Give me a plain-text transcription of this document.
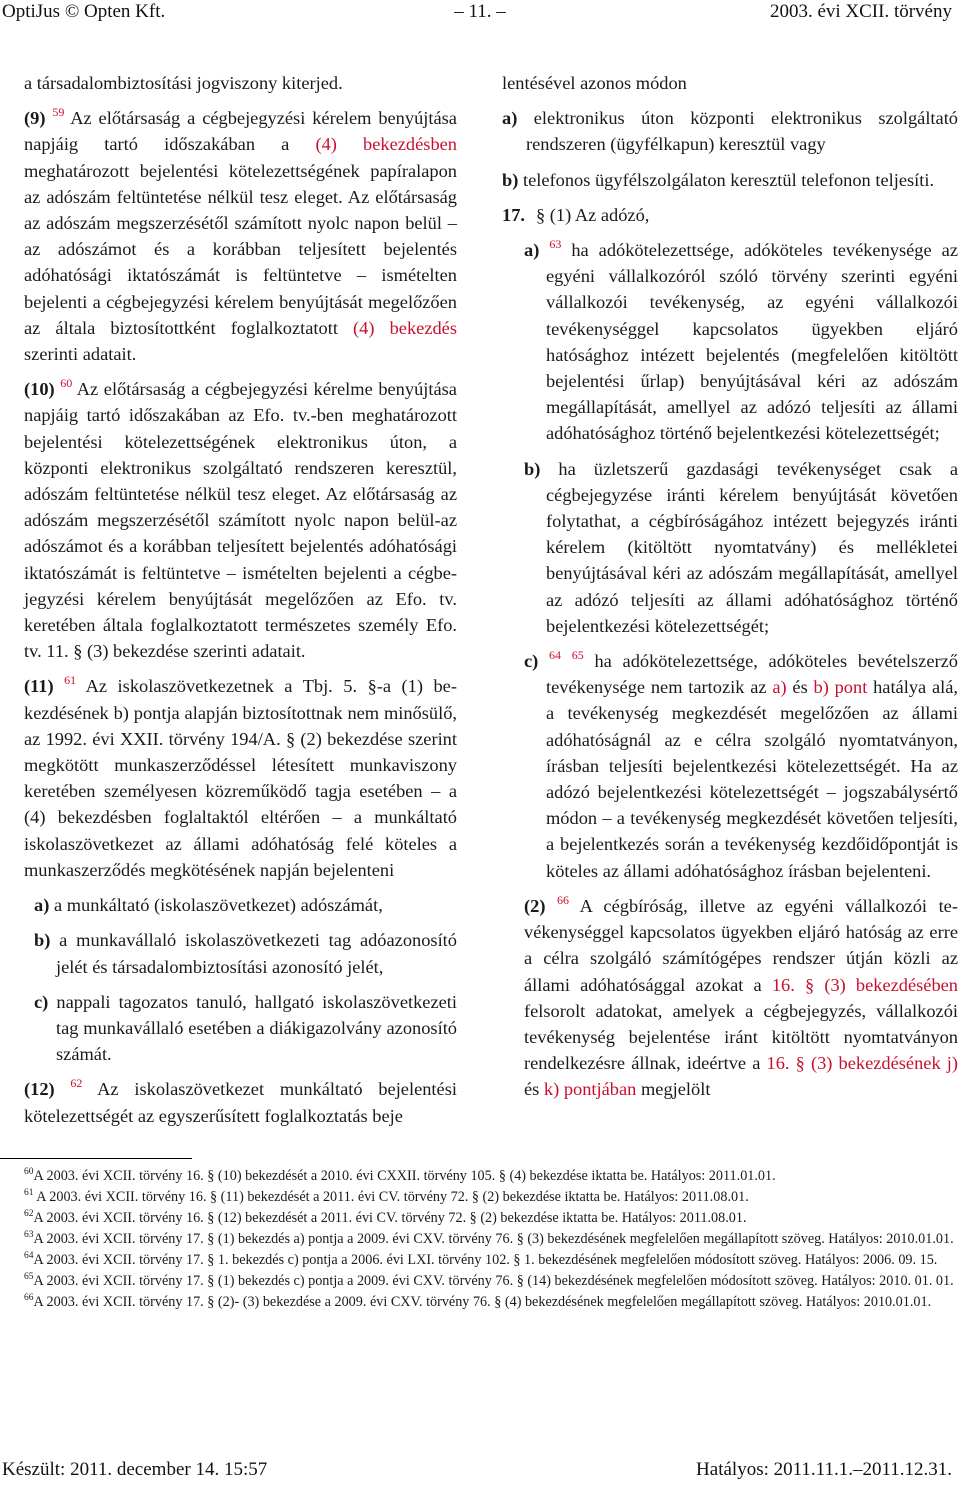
OptiJus © Opten Kft.	– 11. –	2003. évi XCII. törvény

a társadalombiztosítási jogviszony kiterjed.

(9) $^{59}$ Az előtársaság a cégbejegyzési kérelem benyújtása napjáig tartó időszakában a (4) bekezdésben meghatározott bejelentési kötelezettségének papíralapon az adószám feltüntetése nélkül tesz eleget. Az előtársaság az adószám megszerzésétől számított nyolc napon belül – az adószámot és a korábban teljesített bejelentés adóhatósági iktatószámát is feltüntetve – ismételten bejelenti a cégbejegyzési kérelem benyújtását megelőzően az általa biztosítottként foglalkoztatott (4) bekezdés szerinti adatait.

(10) $^{60}$ Az előtársaság a cégbejegyzési kérelme benyújtása napjáig tartó időszakában az Efo. tv.-ben meghatározott bejelentési kötelezettségének elektronikus úton, a központi elektronikus szolgáltató rendszeren keresztül, adószám feltüntetése nélkül tesz eleget. Az előtársaság az adószám megszerzésétől számított nyolc napon belül-az adószámot és a korábban teljesített bejelentés adóhatósági iktatószámát is feltüntetve – ismételten bejelenti a cégbejegyzési kérelem benyújtását megelőzően az Efo. tv. keretében általa foglalkoztatott természetes személy Efo. tv. 11. § (3) bekezdése szerinti adatait.

(11) $^{61}$ Az iskolaszövetkezetnek a Tbj. 5. §-a (1) bekezdésének b) pontja alapján biztosítottnak nem minősülő, az 1992. évi XXII. törvény 194/A. § (2) bekezdése szerint megkötött munkaszerződéssel létesített munkaviszony keretében személyesen közreműködő tagja esetében – a (4) bekezdésben foglaltaktól eltérően – a munkáltató iskolaszövetkezet az állami adóhatóság felé köteles a munkaszerződés megkötésének napján bejelenteni

a) a munkáltató (iskolaszövetkezet) adószámát,

b) a munkavállaló iskolaszövetkezeti tag adóazonosító jelét és társadalombiztosítási azonosító jelét,

c) nappali tagozatos tanuló, hallgató iskolaszövetkezeti tag munkavállaló esetében a diákigazolvány azonosító számát.

(12) $^{62}$ Az iskolaszövetkezet munkáltató bejelentési kötelezettségét az egyszerűsített foglalkoztatás beje

lentésével azonos módon

a) elektronikus úton központi elektronikus szolgáltató rendszeren (ügyfélkapun) keresztül vagy

b) telefonos ügyfélszolgálaton keresztül telefonon teljesíti.

17. § (1) Az adózó,

a) $^{63}$ ha adókötelezettsége, adóköteles tevékenysége az egyéni vállalkozóról szóló törvény szerinti egyéni vállalkozói tevékenység, az egyéni vállalkozói tevékenységgel kapcsolatos ügyekben eljáró hatósághoz intézett bejelentés (megfelelően kitöltött bejelentési űrlap) benyújtásával kéri az adószám megállapítását, amellyel az adózó teljesíti az állami adóhatósághoz történő bejelentkezési kötelezettségét;

b) ha üzletszerű gazdasági tevékenységet csak a cégbejegyzése iránti kérelem benyújtását követően folytathat, a cégbíróságához intézett bejegyzés iránti kérelem (kitöltött nyomtatvány) és mellékletei benyújtásával kéri az adószám megállapítását, amellyel az adózó teljesíti az állami adóhatósághoz történő bejelentkezési kötelezettségét;

c) $^{64}$ $^{65}$ ha adókötelezettsége, adóköteles bevételszerző tevékenysége nem tartozik az a) és b) pont hatálya alá, a tevékenység megkezdését megelőzően az állami adóhatóságnál az e célra szolgáló nyomtatványon, írásban teljesíti bejelentkezési kötelezettségét. Ha az adózó bejelentkezési kötelezettségét – jogszabálysértő módon – a tevékenység megkezdését követően teljesíti, a bejelentkezés során a tevékenység kezdőidőpontját is köteles az állami adóhatósághoz írásban bejelenteni.

(2) $^{66}$ A cégbíróság, illetve az egyéni vállalkozói tevékenységgel kapcsolatos ügyekben eljáró hatóság az erre a célra szolgáló számítógépes rendszer útján közli az állami adóhatósággal azokat a 16. § (3) bekezdésében felsorolt adatokat, amelyek a cégbejegyzés, vállalkozói tevékenység bejelentése iránt kitöltött nyomtatványon rendelkezésre állnak, ideértve a 16. § (3) bekezdésének j) és k) pontjában megjelölt

$^{60}$A 2003. évi XCII. törvény 16. § (10) bekezdését a 2010. évi CXXII. törvény 105. § (4) bekezdése iktatta be. Hatályos: 2011.01.01.

$^{61}$ A 2003. évi XCII. törvény 16. § (11) bekezdését a 2011. évi CV. törvény 72. § (2) bekezdése iktatta be. Hatályos: 2011.08.01.

$^{62}$A 2003. évi XCII. törvény 16. § (12) bekezdését a 2011. évi CV. törvény 72. § (2) bekezdése iktatta be. Hatályos: 2011.08.01.

$^{63}$A 2003. évi XCII. törvény 17. § (1) bekezdés a) pontja a 2009. évi CXV. törvény 76. § (3) bekezdésének megfelelően megállapított szöveg. Hatályos: 2010.01.01.

$^{64}$A 2003. évi XCII. törvény 17. § 1. bekezdés c) pontja a 2006. évi LXI. törvény 102. § 1. bekezdésének megfelelően módosított szöveg. Hatályos: 2006. 09. 15.

$^{65}$A 2003. évi XCII. törvény 17. § (1) bekezdés c) pontja a 2009. évi CXV. törvény 76. § (14) bekezdésének megfelelően módosított szöveg. Hatályos: 2010. 01. 01.

$^{66}$A 2003. évi XCII. törvény 17. § (2)- (3) bekezdése a 2009. évi CXV. törvény 76. § (4) bekezdésének megfelelően megállapított szöveg. Hatályos: 2010.01.01.

Készült: 2011. december 14. 15:57	Hatályos: 2011.11.1.–2011.12.31.
